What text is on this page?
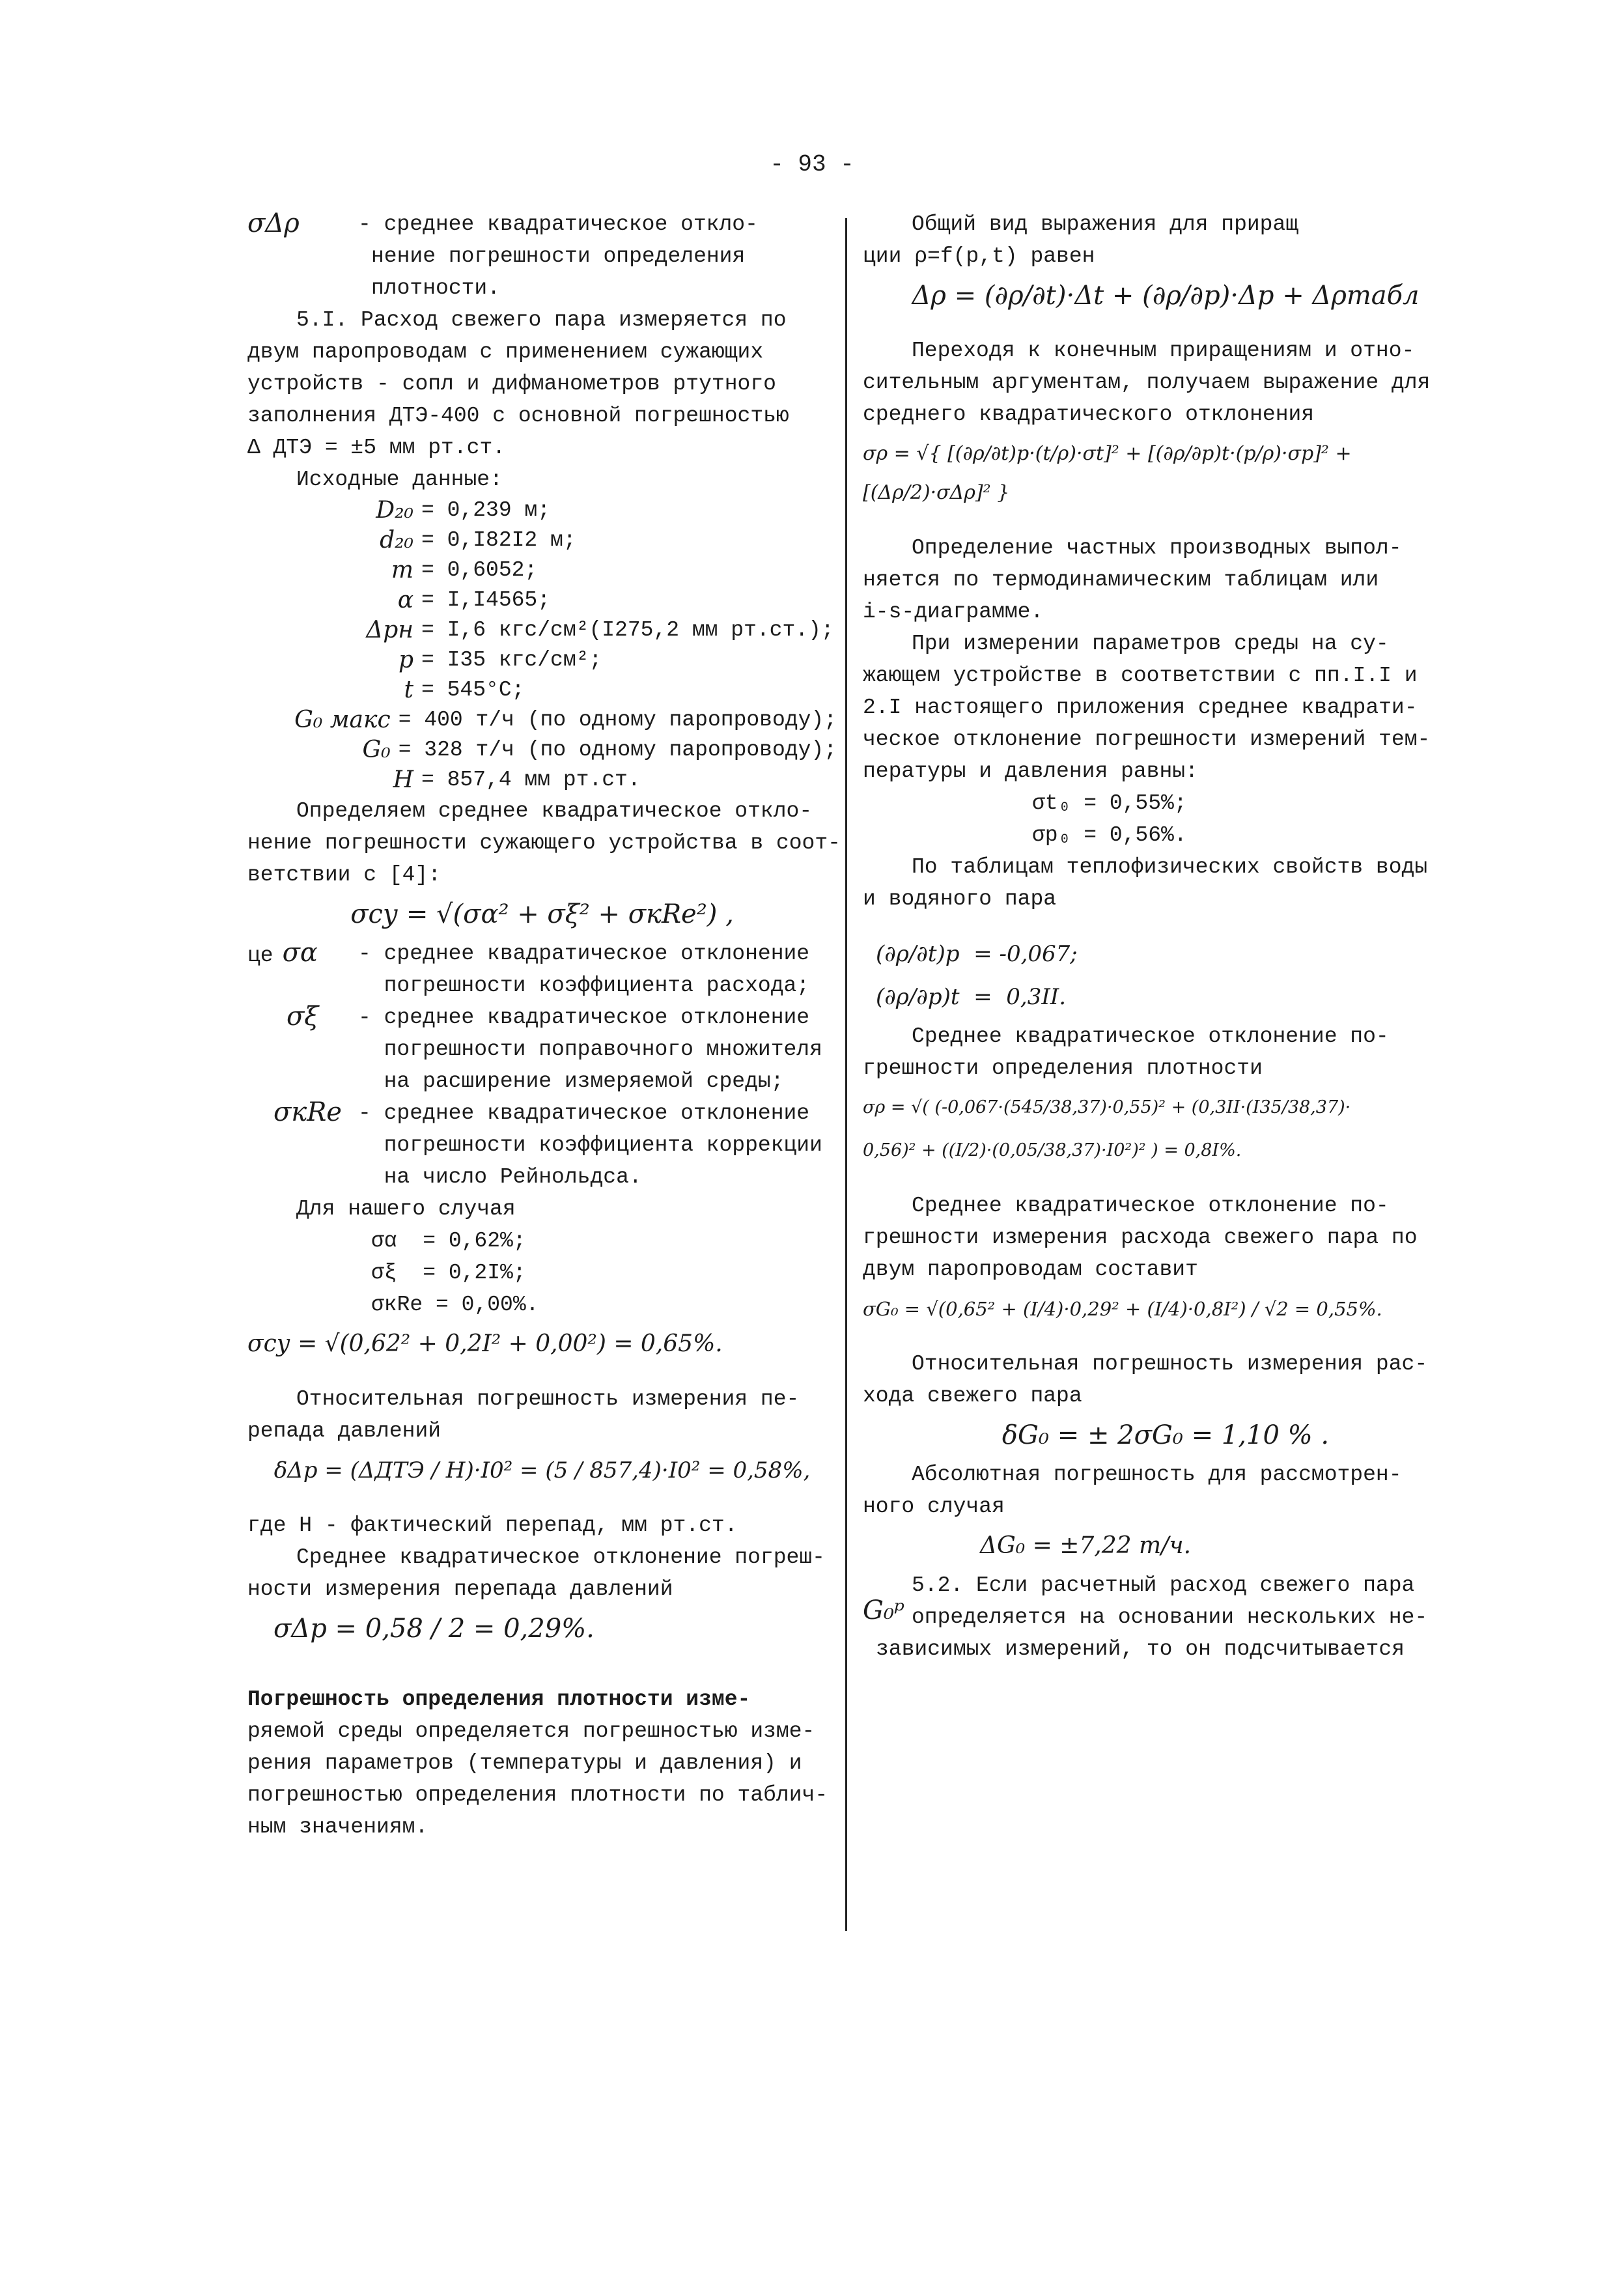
- 93 -
σΔρ	- среднее квадратическое откло-

нение погрешности определения

плотности.

5.I. Расход свежего пара измеряется по

двум паропроводам с применением сужающих

устройств - сопл и дифманометров ртутного

заполнения ДТЭ-400 с основной погрешностью

Δ ДТЭ = ±5 мм рт.ст.

Исходные данные:

D₂₀ = 0,239 м;
d₂₀ = 0,I82I2 м;
m = 0,6052;
α = I,I4565;
Δpн = I,6 кгс/см²(I275,2 мм рт.ст.);
p = I35 кгс/см²;
t = 545°C;
G₀ макс = 400 т/ч (по одному паропроводу);
G₀ = 328 т/ч (по одному паропроводу);
H = 857,4 мм рт.ст.

Определяем среднее квадратическое откло-

нение погрешности сужающего устройства в соот-

ветствии с [4]:

σсу = √(σα² + σξ² + σкRe²) ,
це σα - среднее квадратическое отклонение

погрешности коэффициента расхода;

σξ - среднее квадратическое отклонение

погрешности поправочного множителя

на расширение измеряемой среды;

σкRe - среднее квадратическое отклонение

погрешности коэффициента коррекции

на число Рейнольдса.

Для нашего случая

σα  = 0,62%;

σξ  = 0,2I%;

σкRe = 0,00%.

σсу = √(0,62² + 0,2I² + 0,00²) = 0,65%.

Относительная погрешность измерения пе-

репада давлений

δΔp = (ΔДТЭ / H)·I0² = (5 / 857,4)·I0² = 0,58%,

где H - фактический перепад, мм рт.ст.

Среднее квадратическое отклонение погреш-

ности измерения перепада давлений

σΔp = 0,58 / 2 = 0,29%.

Погрешность определения плотности изме-

ряемой среды определяется погрешностью изме-

рения параметров (температуры и давления) и

погрешностью определения плотности по таблич-

ным значениям.

Общий вид выражения для приращ

ции ρ=f(p,t) равен

Δρ = (∂ρ/∂t)·Δt + (∂ρ/∂p)·Δp + Δρтабл

Переходя к конечным приращениям и отно-

сительным аргументам, получаем выражение для

среднего квадратического отклонения

σρ = √{ [(∂ρ/∂t)p·(t/ρ)·σt]² + [(∂ρ/∂p)t·(p/ρ)·σp]² + [(Δρ/2)·σΔρ]² }

Определение частных производных выпол-

няется по термодинамическим таблицам или

i-s-диаграмме.

При измерении параметров среды на су-

жающем устройстве в соответствии с пп.I.I и

2.I настоящего приложения среднее квадрати-

ческое отклонение погрешности измерений тем-

пературы и давления равны:

σt₀ = 0,55%;

σp₀ = 0,56%.

По таблицам теплофизических свойств воды

и водяного пара

(∂ρ/∂t)p  = -0,067;
(∂ρ/∂p)t  =  0,3II.

Среднее квадратическое отклонение по-

грешности определения плотности

σρ = √( (-0,067·(545/38,37)·0,55)² + (0,3II·(I35/38,37)·
0,56)² + ((I/2)·(0,05/38,37)·I0²)² ) = 0,8I%.

Среднее квадратическое отклонение по-

грешности измерения расхода свежего пара по

двум паропроводам составит

σG₀ = √(0,65² + (I/4)·0,29² + (I/4)·0,8I²) / √2 = 0,55%.

Относительная погрешность измерения рас-

хода свежего пара

δG₀ = ± 2σG₀ = 1,10 % .

Абсолютная погрешность для рассмотрен-

ного случая

ΔG₀ = ±7,22 т/ч.
G₀ᵖ

5.2. Если расчетный расход свежего пара

определяется на основании нескольких не-

зависимых измерений, то он подсчитывается
